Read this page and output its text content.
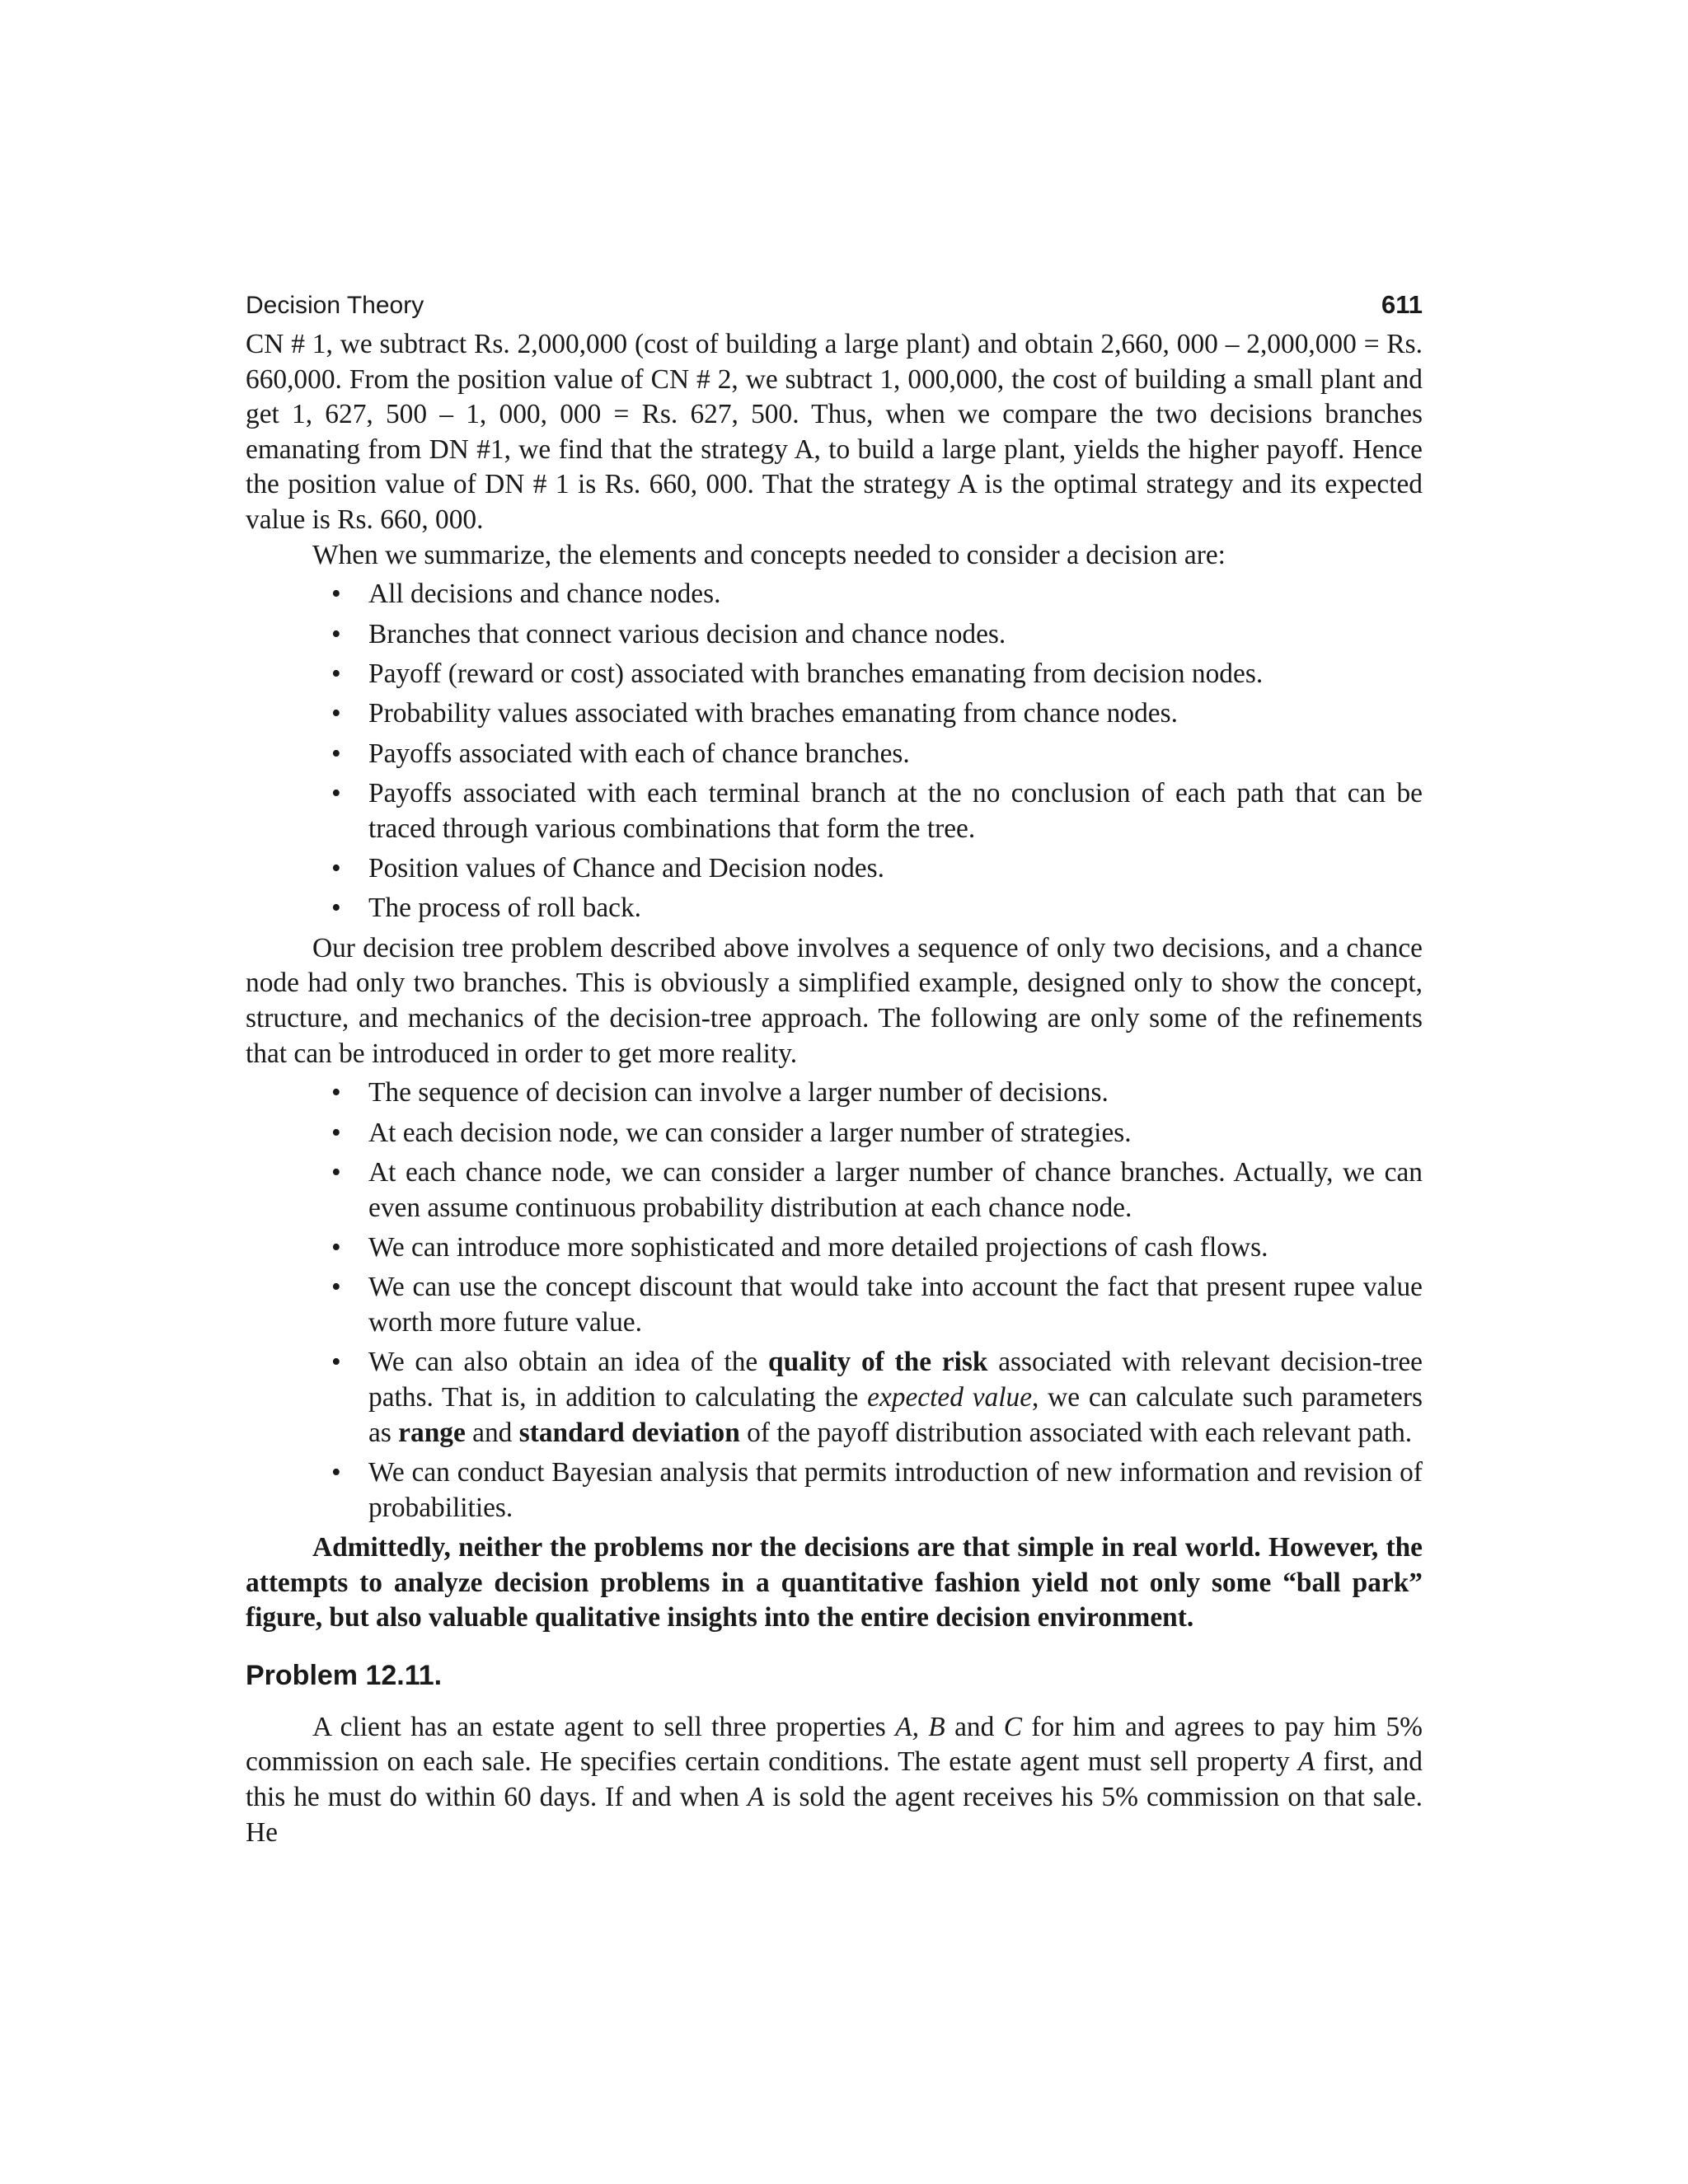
Decision Theory	611

CN # 1, we subtract Rs. 2,000,000 (cost of building a large plant) and obtain 2,660, 000 – 2,000,000 = Rs. 660,000. From the position value of CN # 2, we subtract 1, 000,000, the cost of building a small plant and get 1, 627, 500 – 1, 000, 000 = Rs. 627, 500. Thus, when we compare the two decisions branches emanating from DN #1, we find that the strategy A, to build a large plant, yields the higher payoff. Hence the position value of DN # 1 is Rs. 660, 000. That the strategy A is the optimal strategy and its expected value is Rs. 660, 000.

When we summarize, the elements and concepts needed to consider a decision are:

• All decisions and chance nodes.
• Branches that connect various decision and chance nodes.
• Payoff (reward or cost) associated with branches emanating from decision nodes.
• Probability values associated with braches emanating from chance nodes.
• Payoffs associated with each of chance branches.
• Payoffs associated with each terminal branch at the no conclusion of each path that can be traced through various combinations that form the tree.
• Position values of Chance and Decision nodes.
• The process of roll back.

Our decision tree problem described above involves a sequence of only two decisions, and a chance node had only two branches. This is obviously a simplified example, designed only to show the concept, structure, and mechanics of the decision-tree approach. The following are only some of the refinements that can be introduced in order to get more reality.

• The sequence of decision can involve a larger number of decisions.
• At each decision node, we can consider a larger number of strategies.
• At each chance node, we can consider a larger number of chance branches. Actually, we can even assume continuous probability distribution at each chance node.
• We can introduce more sophisticated and more detailed projections of cash flows.
• We can use the concept discount that would take into account the fact that present rupee value worth more future value.
• We can also obtain an idea of the quality of the risk associated with relevant decision-tree paths. That is, in addition to calculating the expected value, we can calculate such parameters as range and standard deviation of the payoff distribution associated with each relevant path.
• We can conduct Bayesian analysis that permits introduction of new information and revision of probabilities.

Admittedly, neither the problems nor the decisions are that simple in real world. However, the attempts to analyze decision problems in a quantitative fashion yield not only some “ball park” figure, but also valuable qualitative insights into the entire decision environment.

Problem 12.11.

A client has an estate agent to sell three properties A, B and C for him and agrees to pay him 5% commission on each sale. He specifies certain conditions. The estate agent must sell property A first, and this he must do within 60 days. If and when A is sold the agent receives his 5% commission on that sale. He
